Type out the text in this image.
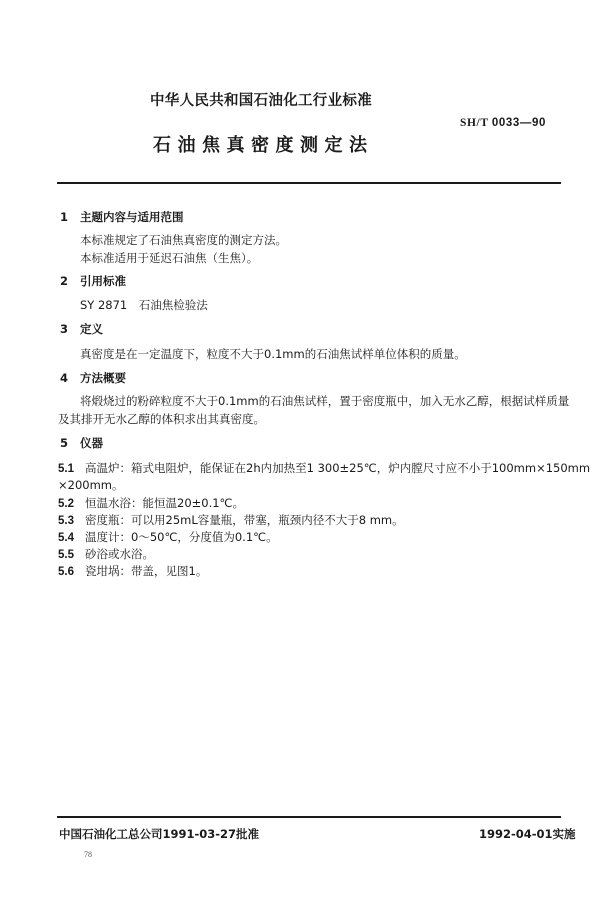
中华人民共和国石油化工行业标准
SH/T 0033—90
石油焦真密度测定法
1 主题内容与适用范围
本标准规定了石油焦真密度的测定方法。
本标准适用于延迟石油焦（生焦）。
2 引用标准
SY 2871　石油焦检验法
3 定义
真密度是在一定温度下，粒度不大于0.1mm的石油焦试样单位体积的质量。
4 方法概要
将煅烧过的粉碎粒度不大于0.1mm的石油焦试样，置于密度瓶中，加入无水乙醇，根据试样质量
及其排开无水乙醇的体积求出其真密度。
5 仪器
5.1 高温炉：箱式电阻炉，能保证在2h内加热至1 300±25℃，炉内膛尺寸应不小于100mm×150mm
×200mm。
5.2 恒温水浴：能恒温20±0.1℃。
5.3 密度瓶：可以用25mL容量瓶，带塞，瓶颈内径不大于8 mm。
5.4 温度计：0～50℃，分度值为0.1℃。
5.5 砂浴或水浴。
5.6 瓷坩埚：带盖，见图1。
中国石油化工总公司1991-03-27批准	1992-04-01实施
78
